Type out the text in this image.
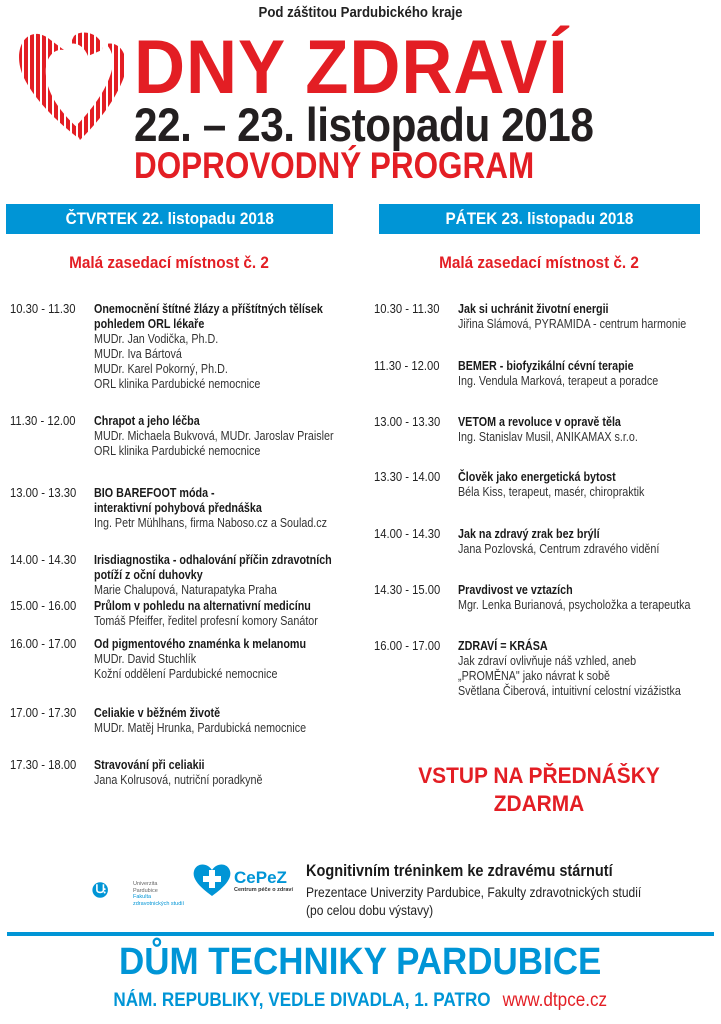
Pod záštitou Pardubického kraje
DNY ZDRAVÍ
22. – 23. listopadu 2018
DOPROVODNÝ PROGRAM
ČTVRTEK 22. listopadu 2018	PÁTEK 23. listopadu 2018
Malá zasedací místnost č. 2	Malá zasedací místnost č. 2
10.30 - 11.30	Onemocnění štítné žlázy a příštítných tělísek
pohledem ORL lékaře
MUDr. Jan Vodička, Ph.D.
MUDr. Iva Bártová
MUDr. Karel Pokorný, Ph.D.
ORL klinika Pardubické nemocnice
11.30 - 12.00	Chrapot a jeho léčba
MUDr. Michaela Bukvová, MUDr. Jaroslav Praisler
ORL klinika Pardubické nemocnice
13.00 - 13.30	BIO BAREFOOT móda -
interaktivní pohybová přednáška
Ing. Petr Mühlhans, firma Naboso.cz a Soulad.cz
14.00 - 14.30	Irisdiagnostika - odhalování příčin zdravotních
potíží z oční duhovky
Marie Chalupová, Naturapatyka Praha
15.00 - 16.00	Průlom v pohledu na alternativní medicínu
Tomáš Pfeiffer, ředitel profesní komory Sanátor
16.00 - 17.00	Od pigmentového znaménka k melanomu
MUDr. David Stuchlík
Kožní oddělení Pardubické nemocnice
17.00 - 17.30	Celiakie v běžném životě
MUDr. Matěj Hrunka, Pardubická nemocnice
17.30 - 18.00	Stravování při celiakii
Jana Kolrusová, nutriční poradkyně
10.30 - 11.30	Jak si uchránit životní energii
Jiřina Slámová, PYRAMIDA - centrum harmonie
11.30 - 12.00	BEMER - biofyzikální cévní terapie
Ing. Vendula Marková, terapeut a poradce
13.00 - 13.30	VETOM a revoluce v opravě těla
Ing. Stanislav Musil, ANIKAMAX s.r.o.
13.30 - 14.00	Člověk jako energetická bytost
Béla Kiss, terapeut, masér, chiropraktik
14.00 - 14.30	Jak na zdravý zrak bez brýlí
Jana Pozlovská, Centrum zdravého vidění
14.30 - 15.00	Pravdivost ve vztazích
Mgr. Lenka Burianová, psycholožka a terapeutka
16.00 - 17.00	ZDRAVÍ = KRÁSA
Jak zdraví ovlivňuje náš vzhled, aneb
„PROMĚNA" jako návrat k sobě
Světlana Čiberová, intuitivní celostní vizážistka
VSTUP NA PŘEDNÁŠKY
ZDARMA
Univerzita
Pardubice
Fakulta
zdravotnických studií
CePeZ
Centrum péče o zdraví
Kognitivním tréninkem ke zdravému stárnutí
Prezentace Univerzity Pardubice, Fakulty zdravotnických studií
(po celou dobu výstavy)
DŮM TECHNIKY PARDUBICE
NÁM. REPUBLIKY, VEDLE DIVADLA, 1. PATRO www.dtpce.cz
